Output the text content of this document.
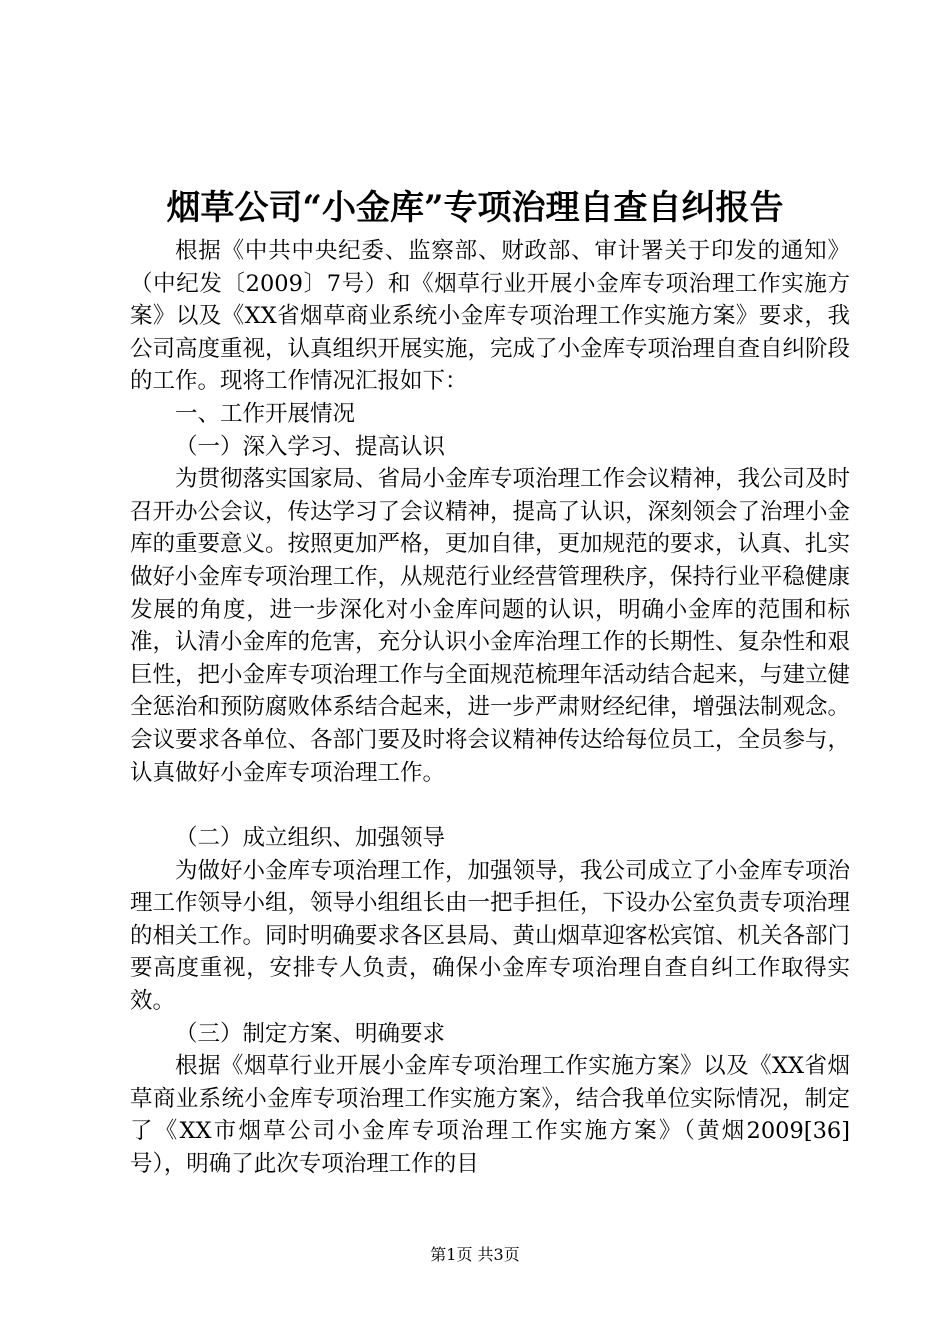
烟草公司“小金库”专项治理自查自纠报告

根据《中共中央纪委、监察部、财政部、审计署关于印发的通知》（中纪发〔2009〕7号）和《烟草行业开展小金库专项治理工作实施方案》以及《XX省烟草商业系统小金库专项治理工作实施方案》要求，我公司高度重视，认真组织开展实施，完成了小金库专项治理自查自纠阶段的工作。现将工作情况汇报如下：

一、工作开展情况

（一）深入学习、提高认识

为贯彻落实国家局、省局小金库专项治理工作会议精神，我公司及时召开办公会议，传达学习了会议精神，提高了认识，深刻领会了治理小金库的重要意义。按照更加严格，更加自律，更加规范的要求，认真、扎实做好小金库专项治理工作，从规范行业经营管理秩序，保持行业平稳健康发展的角度，进一步深化对小金库问题的认识，明确小金库的范围和标准，认清小金库的危害，充分认识小金库治理工作的长期性、复杂性和艰巨性，把小金库专项治理工作与全面规范梳理年活动结合起来，与建立健全惩治和预防腐败体系结合起来，进一步严肃财经纪律，增强法制观念。会议要求各单位、各部门要及时将会议精神传达给每位员工，全员参与，认真做好小金库专项治理工作。

（二）成立组织、加强领导

为做好小金库专项治理工作，加强领导，我公司成立了小金库专项治理工作领导小组，领导小组组长由一把手担任，下设办公室负责专项治理的相关工作。同时明确要求各区县局、黄山烟草迎客松宾馆、机关各部门要高度重视，安排专人负责，确保小金库专项治理自查自纠工作取得实效。

（三）制定方案、明确要求

根据《烟草行业开展小金库专项治理工作实施方案》以及《XX省烟草商业系统小金库专项治理工作实施方案》，结合我单位实际情况，制定了《XX市烟草公司小金库专项治理工作实施方案》（黄烟2009[36]号），明确了此次专项治理工作的目

第1页 共3页
